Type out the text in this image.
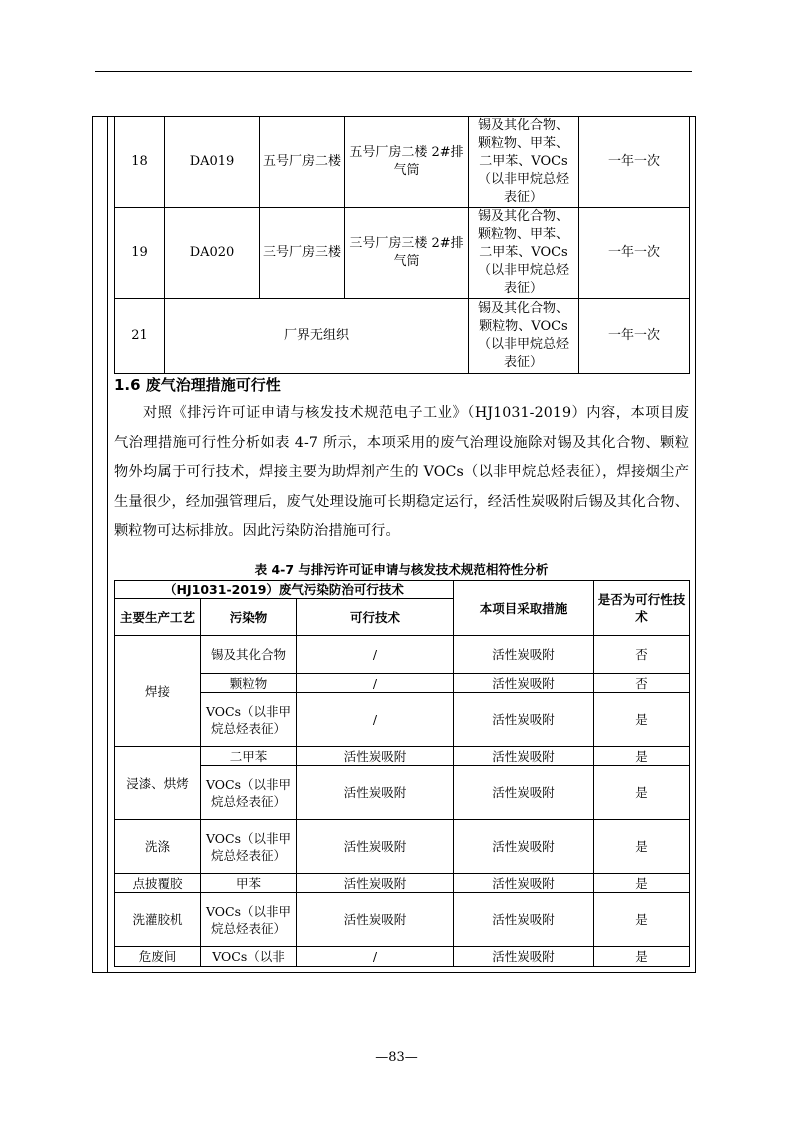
18	DA019	五号厂房二楼	五号厂房二楼 2#排气筒	锡及其化合物、颗粒物、甲苯、二甲苯、VOCs（以非甲烷总烃表征）	一年一次
19	DA020	三号厂房三楼	三号厂房三楼 2#排气筒	锡及其化合物、颗粒物、甲苯、二甲苯、VOCs（以非甲烷总烃表征）	一年一次
21	厂界无组织			锡及其化合物、颗粒物、VOCs（以非甲烷总烃表征）	一年一次
1.6 废气治理措施可行性
对照《排污许可证申请与核发技术规范电子工业》（HJ1031-2019）内容，本项目废气治理措施可行性分析如表 4-7 所示，本项采用的废气治理设施除对锡及其化合物、颗粒物外均属于可行技术，焊接主要为助焊剂产生的 VOCs（以非甲烷总烃表征），焊接烟尘产生量很少，经加强管理后，废气处理设施可长期稳定运行，经活性炭吸附后锡及其化合物、颗粒物可达标排放。因此污染防治措施可行。
表 4-7 与排污许可证申请与核发技术规范相符性分析
（HJ1031-2019）废气污染防治可行技术			本项目采取措施	是否为可行性技术
主要生产工艺	污染物	可行技术		
焊接	锡及其化合物	/	活性炭吸附	否
	颗粒物	/	活性炭吸附	否
	VOCs（以非甲烷总烃表征）	/	活性炭吸附	是
浸漆、烘烤	二甲苯	活性炭吸附	活性炭吸附	是
	VOCs（以非甲烷总烃表征）	活性炭吸附	活性炭吸附	是
洗涤	VOCs（以非甲烷总烃表征）	活性炭吸附	活性炭吸附	是
点披覆胶	甲苯	活性炭吸附	活性炭吸附	是
洗灌胶机	VOCs（以非甲烷总烃表征）	活性炭吸附	活性炭吸附	是
危废间	VOCs（以非	/	活性炭吸附	是
—83—
